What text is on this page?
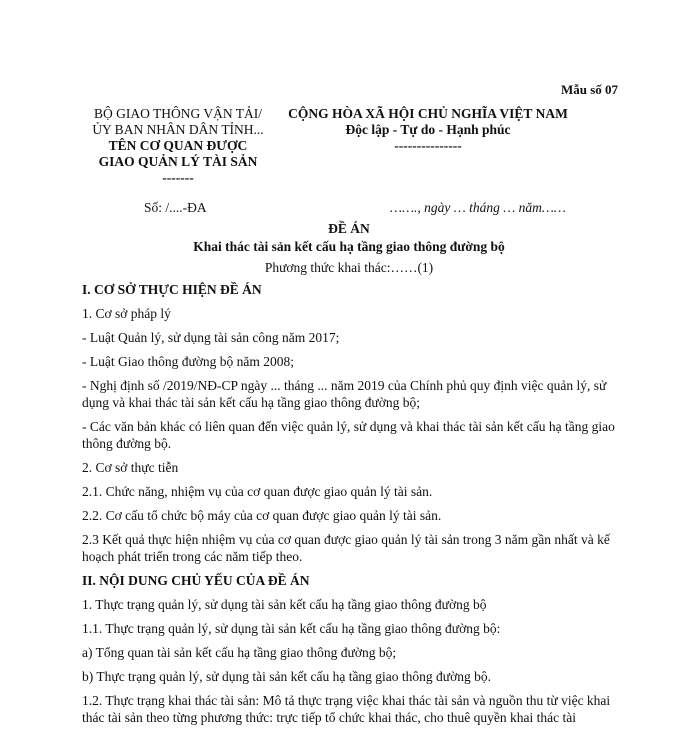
Mẫu số 07
BỘ GIAO THÔNG VẬN TẢI/
ỦY BAN NHÂN DÂN TỈNH...
TÊN CƠ QUAN ĐƯỢC
GIAO QUẢN LÝ TÀI SẢN
-------
CỘNG HÒA XÃ HỘI CHỦ NGHĨA VIỆT NAM
Độc lập - Tự do - Hạnh phúc
---------------
Số: /....-ĐA	……., ngày … tháng … năm……
ĐỀ ÁN
Khai thác tài sản kết cấu hạ tầng giao thông đường bộ
Phương thức khai thác:……(1)

I. CƠ SỞ THỰC HIỆN ĐỀ ÁN

1. Cơ sở pháp lý

- Luật Quản lý, sử dụng tài sản công năm 2017;

- Luật Giao thông đường bộ năm 2008;

- Nghị định số /2019/NĐ-CP ngày ... tháng ... năm 2019 của Chính phủ quy định việc quản lý, sử dụng và khai thác tài sản kết cấu hạ tầng giao thông đường bộ;

- Các văn bản khác có liên quan đến việc quản lý, sử dụng và khai thác tài sản kết cấu hạ tầng giao thông đường bộ.

2. Cơ sở thực tiễn

2.1. Chức năng, nhiệm vụ của cơ quan được giao quản lý tài sản.

2.2. Cơ cấu tổ chức bộ máy của cơ quan được giao quản lý tài sản.

2.3 Kết quả thực hiện nhiệm vụ của cơ quan được giao quản lý tài sản trong 3 năm gần nhất và kế hoạch phát triển trong các năm tiếp theo.

II. NỘI DUNG CHỦ YẾU CỦA ĐỀ ÁN

1. Thực trạng quản lý, sử dụng tài sản kết cấu hạ tầng giao thông đường bộ

1.1. Thực trạng quản lý, sử dụng tài sản kết cấu hạ tầng giao thông đường bộ:

a) Tổng quan tài sản kết cấu hạ tầng giao thông đường bộ;

b) Thực trạng quản lý, sử dụng tài sản kết cấu hạ tầng giao thông đường bộ.

1.2. Thực trạng khai thác tài sản: Mô tả thực trạng việc khai thác tài sản và nguồn thu từ việc khai thác tài sản theo từng phương thức: trực tiếp tổ chức khai thác, cho thuê quyền khai thác tài
